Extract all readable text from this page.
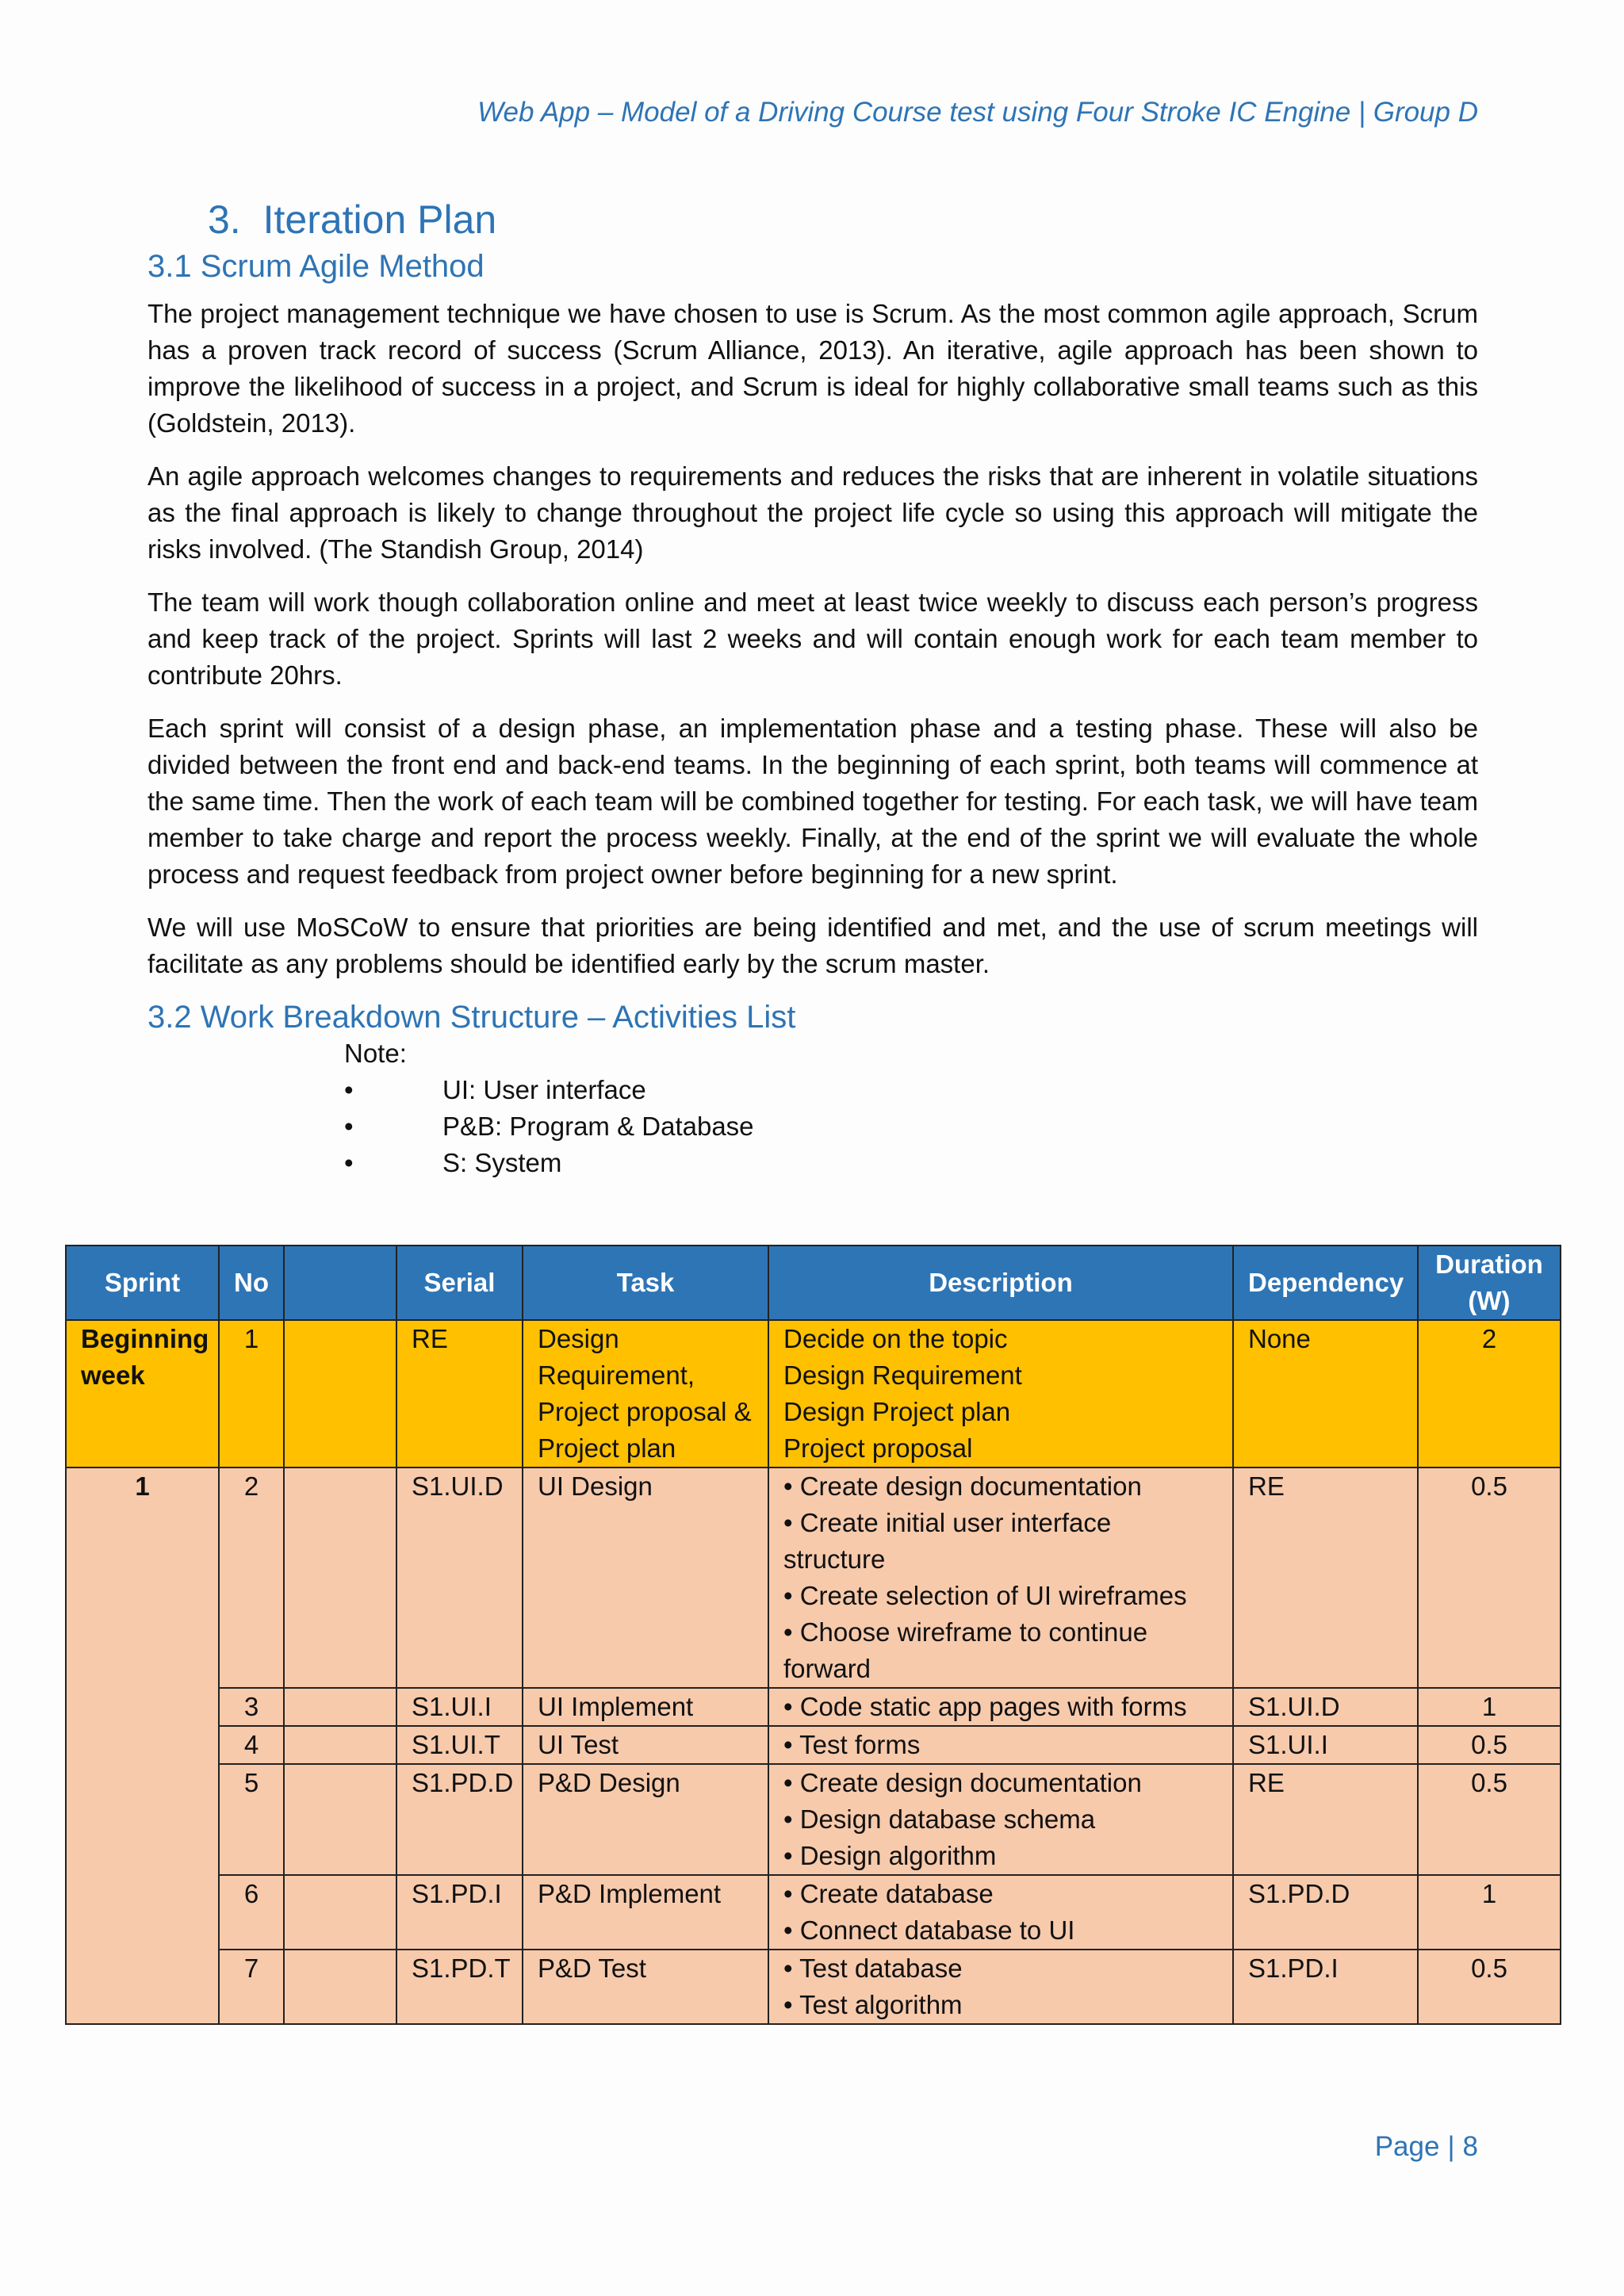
Web App – Model of a Driving Course test using Four Stroke IC Engine | Group D
3. Iteration Plan
3.1 Scrum Agile Method

The project management technique we have chosen to use is Scrum. As the most common agile approach, Scrum has a proven track record of success (Scrum Alliance, 2013). An iterative, agile approach has been shown to improve the likelihood of success in a project, and Scrum is ideal for highly collaborative small teams such as this (Goldstein, 2013).

An agile approach welcomes changes to requirements and reduces the risks that are inherent in volatile situations as the final approach is likely to change throughout the project life cycle so using this approach will mitigate the risks involved. (The Standish Group, 2014)

The team will work though collaboration online and meet at least twice weekly to discuss each person’s progress and keep track of the project. Sprints will last 2 weeks and will contain enough work for each team member to contribute 20hrs.

Each sprint will consist of a design phase, an implementation phase and a testing phase. These will also be divided between the front end and back-end teams. In the beginning of each sprint, both teams will commence at the same time. Then the work of each team will be combined together for testing. For each task, we will have team member to take charge and report the process weekly. Finally, at the end of the sprint we will evaluate the whole process and request feedback from project owner before beginning for a new sprint.

We will use MoSCoW to ensure that priorities are being identified and met, and the use of scrum meetings will facilitate as any problems should be identified early by the scrum master.

3.2 Work Breakdown Structure – Activities List
Note:
•	UI: User interface
•	P&B: Program & Database
•	S: System
Sprint	No		Serial	Task	Description	Dependency	Duration (W)
Beginning week	1		RE	Design Requirement, Project proposal & Project plan	Decide on the topic
Design Requirement
Design Project plan
Project proposal	None	2
1	2		S1.UI.D	UI Design	• Create design documentation
• Create initial user interface structure
• Create selection of UI wireframes
• Choose wireframe to continue forward	RE	0.5
	3		S1.UI.I	UI Implement	• Code static app pages with forms	S1.UI.D	1
	4		S1.UI.T	UI Test	• Test forms	S1.UI.I	0.5
	5		S1.PD.D	P&D Design	• Create design documentation
• Design database schema
• Design algorithm	RE	0.5
	6		S1.PD.I	P&D Implement	• Create database
• Connect database to UI	S1.PD.D	1
	7		S1.PD.T	P&D Test	• Test database
• Test algorithm	S1.PD.I	0.5
Page | 8
